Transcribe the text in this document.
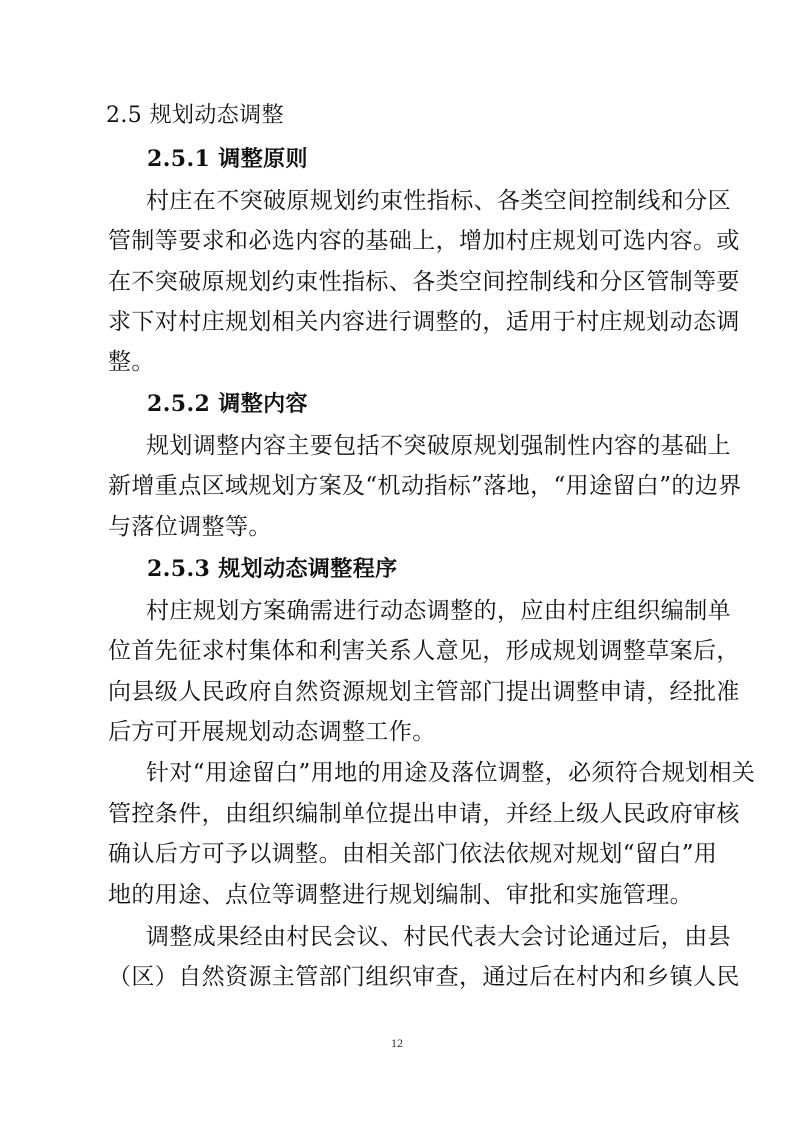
2.5 规划动态调整
2.5.1 调整原则
村庄在不突破原规划约束性指标、各类空间控制线和分区
管制等要求和必选内容的基础上，增加村庄规划可选内容。或
在不突破原规划约束性指标、各类空间控制线和分区管制等要
求下对村庄规划相关内容进行调整的，适用于村庄规划动态调
整。
2.5.2 调整内容
规划调整内容主要包括不突破原规划强制性内容的基础上
新增重点区域规划方案及“机动指标”落地，“用途留白”的边界
与落位调整等。
2.5.3 规划动态调整程序
村庄规划方案确需进行动态调整的，应由村庄组织编制单
位首先征求村集体和利害关系人意见，形成规划调整草案后，
向县级人民政府自然资源规划主管部门提出调整申请，经批准
后方可开展规划动态调整工作。
针对“用途留白”用地的用途及落位调整，必须符合规划相关
管控条件，由组织编制单位提出申请，并经上级人民政府审核
确认后方可予以调整。由相关部门依法依规对规划“留白”用
地的用途、点位等调整进行规划编制、审批和实施管理。
调整成果经由村民会议、村民代表大会讨论通过后，由县
（区）自然资源主管部门组织审查，通过后在村内和乡镇人民
12
